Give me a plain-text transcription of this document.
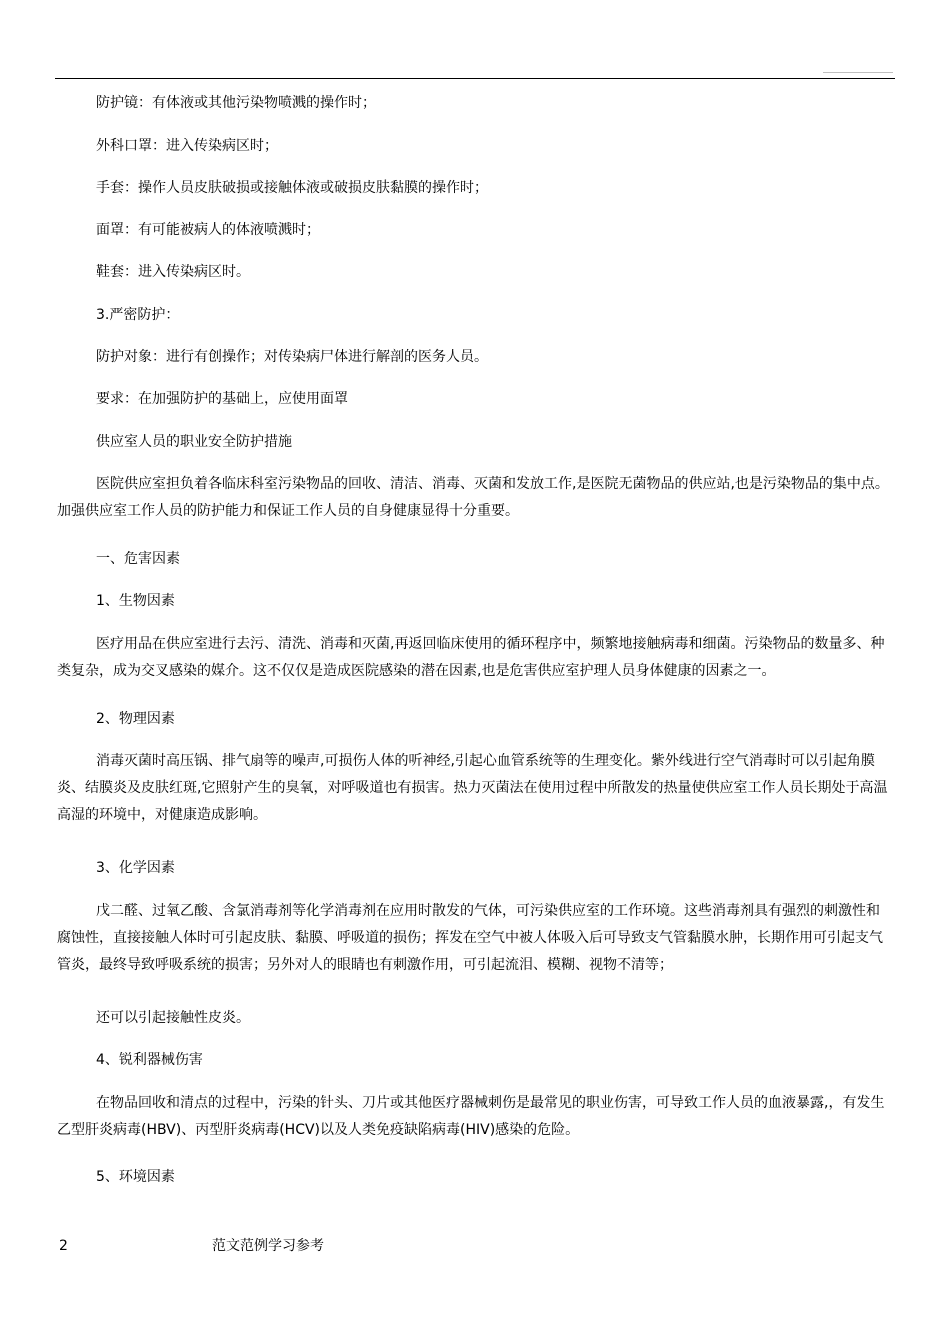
防护镜：有体液或其他污染物喷溅的操作时；

外科口罩：进入传染病区时；

手套：操作人员皮肤破损或接触体液或破损皮肤黏膜的操作时；

面罩：有可能被病人的体液喷溅时；

鞋套：进入传染病区时。

3.严密防护：

防护对象：进行有创操作；对传染病尸体进行解剖的医务人员。

要求：在加强防护的基础上，应使用面罩

供应室人员的职业安全防护措施

医院供应室担负着各临床科室污染物品的回收、清洁、消毒、灭菌和发放工作,是医院无菌物品的供应站,也是污染物品的集中点。加强供应室工作人员的防护能力和保证工作人员的自身健康显得十分重要。

一、危害因素

1、生物因素

医疗用品在供应室进行去污、清洗、消毒和灭菌,再返回临床使用的循环程序中，频繁地接触病毒和细菌。污染物品的数量多、种类复杂，成为交叉感染的媒介。这不仅仅是造成医院感染的潜在因素,也是危害供应室护理人员身体健康的因素之一。

2、物理因素

消毒灭菌时高压锅、排气扇等的噪声,可损伤人体的听神经,引起心血管系统等的生理变化。紫外线进行空气消毒时可以引起角膜炎、结膜炎及皮肤红斑,它照射产生的臭氧，对呼吸道也有损害。热力灭菌法在使用过程中所散发的热量使供应室工作人员长期处于高温高湿的环境中，对健康造成影响。

3、化学因素

戊二醛、过氧乙酸、含氯消毒剂等化学消毒剂在应用时散发的气体，可污染供应室的工作环境。这些消毒剂具有强烈的刺激性和腐蚀性，直接接触人体时可引起皮肤、黏膜、呼吸道的损伤；挥发在空气中被人体吸入后可导致支气管黏膜水肿，长期作用可引起支气管炎，最终导致呼吸系统的损害；另外对人的眼睛也有刺激作用，可引起流泪、模糊、视物不清等；

还可以引起接触性皮炎。

4、锐利器械伤害

在物品回收和清点的过程中，污染的针头、刀片或其他医疗器械刺伤是最常见的职业伤害，可导致工作人员的血液暴露,，有发生乙型肝炎病毒(HBV)、丙型肝炎病毒(HCV)以及人类免疫缺陷病毒(HIV)感染的危险。

5、环境因素

2	范文范例学习参考
